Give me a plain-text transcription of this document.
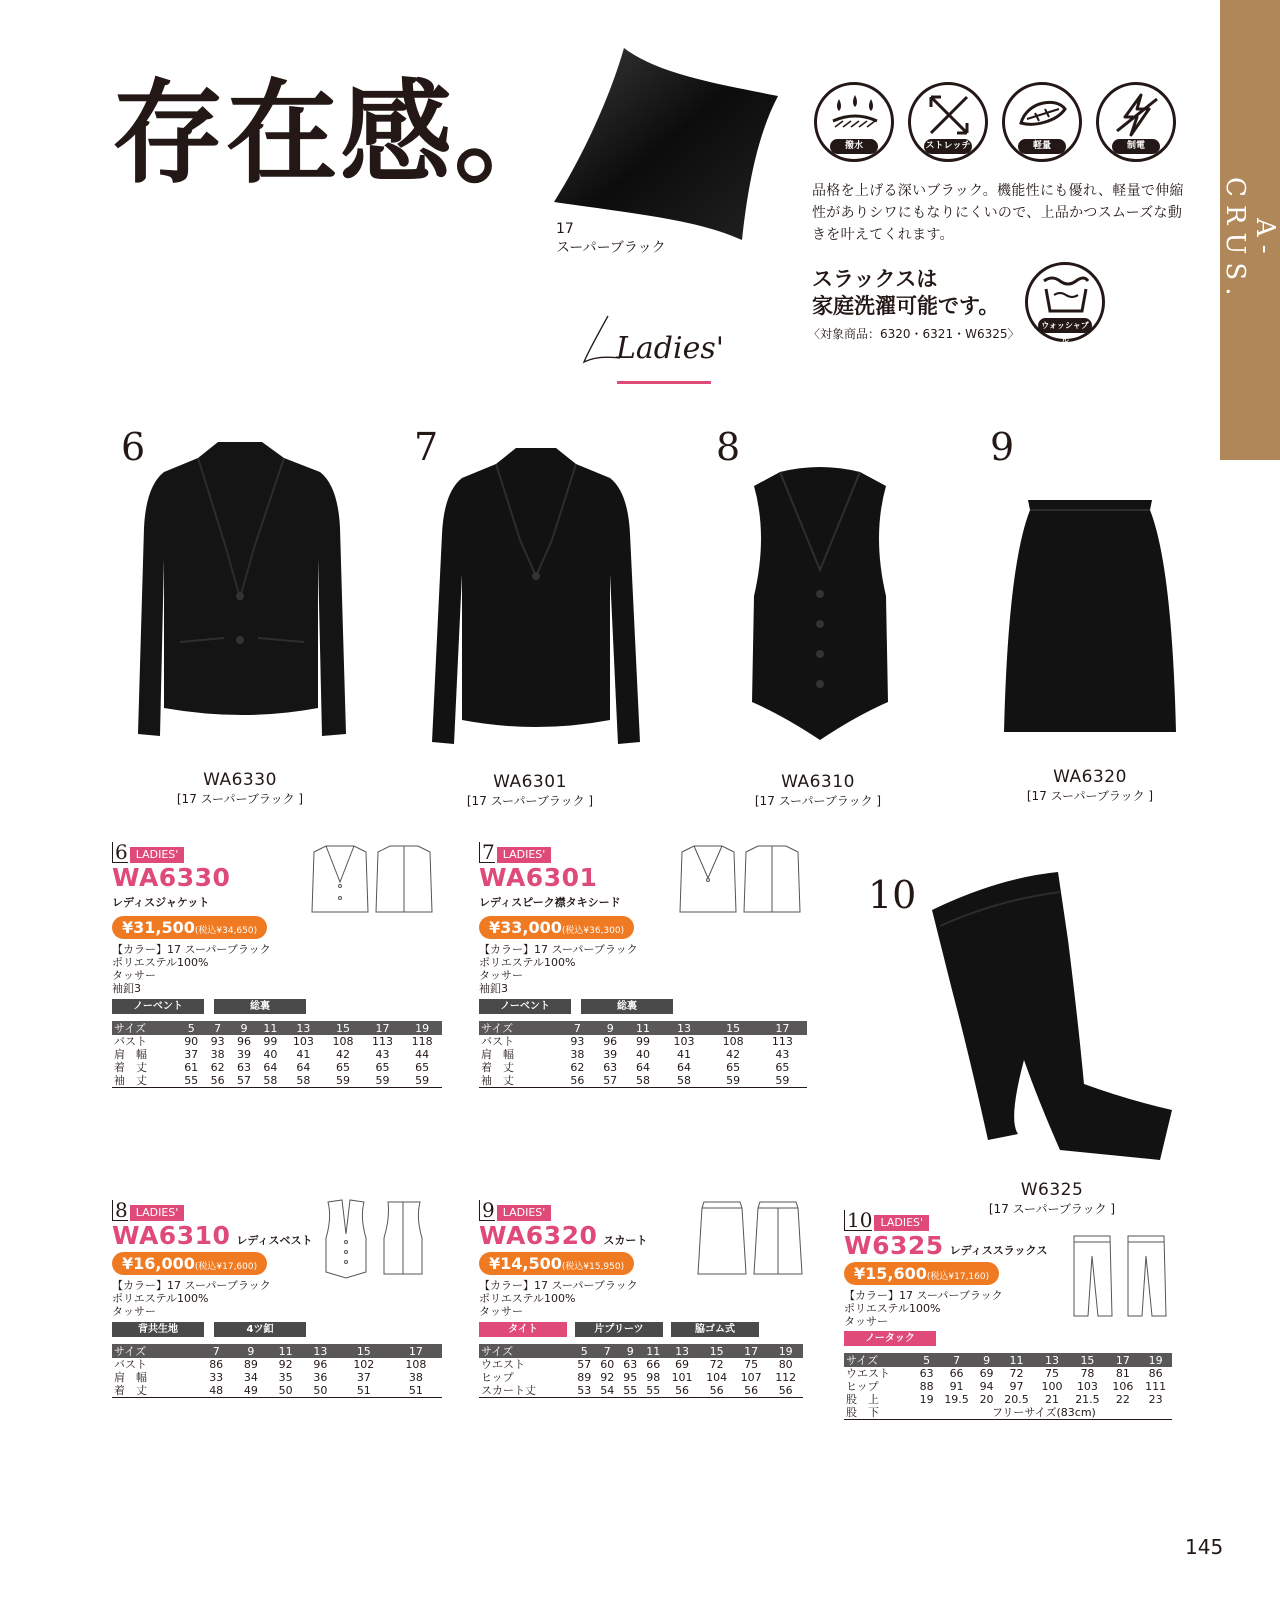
存在感。
17
スーパーブラック
Ladies'
A-CRUS.
撥水	ストレッチ	軽量	制電
品格を上げる深いブラック。機能性にも優れ、軽量で伸縮性がありシワにもなりにくいので、上品かつスムーズな動きを叶えてくれます。
スラックスは
家庭洗濯可能です。
〈対象商品：6320・6321・W6325〉
ウォッシャブル
6
WA6330
[17 スーパーブラック ]
7
WA6301
[17 スーパーブラック ]
8
WA6310
[17 スーパーブラック ]
9
WA6320
[17 スーパーブラック ]
10
W6325
[17 スーパーブラック ]
6 LADIES'
WA6330
レディスジャケット
¥31,500(税込¥34,650)
【カラー】17 スーパーブラック
ポリエステル100%
タッサー
袖釦3
ノーベント	総裏
サイズ	5	7	9	11	13	15	17	19
バスト	90	93	96	99	103	108	113	118
肩　幅	37	38	39	40	41	42	43	44
着　丈	61	62	63	64	64	65	65	65
袖　丈	55	56	57	58	58	59	59	59
7 LADIES'
WA6301
レディスピーク襟タキシード
¥33,000(税込¥36,300)
【カラー】17 スーパーブラック
ポリエステル100%
タッサー
袖釦3
ノーベント	総裏
サイズ	7	9	11	13	15	17
バスト	93	96	99	103	108	113
肩　幅	38	39	40	41	42	43
着　丈	62	63	64	64	65	65
袖　丈	56	57	58	58	59	59
8 LADIES'
WA6310 レディスベスト
¥16,000(税込¥17,600)
【カラー】17 スーパーブラック
ポリエステル100%
タッサー
背共生地	4ツ釦
サイズ	7	9	11	13	15	17
バスト	86	89	92	96	102	108
肩　幅	33	34	35	36	37	38
着　丈	48	49	50	50	51	51
9 LADIES'
WA6320 スカート
¥14,500(税込¥15,950)
【カラー】17 スーパーブラック
ポリエステル100%
タッサー
タイト	片プリーツ	脇ゴム式
サイズ	5	7	9	11	13	15	17	19
ウエスト	57	60	63	66	69	72	75	80
ヒップ	89	92	95	98	101	104	107	112
スカート丈	53	54	55	55	56	56	56	56
10 LADIES'
W6325 レディススラックス
¥15,600(税込¥17,160)
【カラー】17 スーパーブラック
ポリエステル100%
タッサー
ノータック
サイズ	5	7	9	11	13	15	17	19
ウエスト	63	66	69	72	75	78	81	86
ヒップ	88	91	94	97	100	103	106	111
股　上	19	19.5	20	20.5	21	21.5	22	23
股　下	フリーサイズ(83cm)							
145
